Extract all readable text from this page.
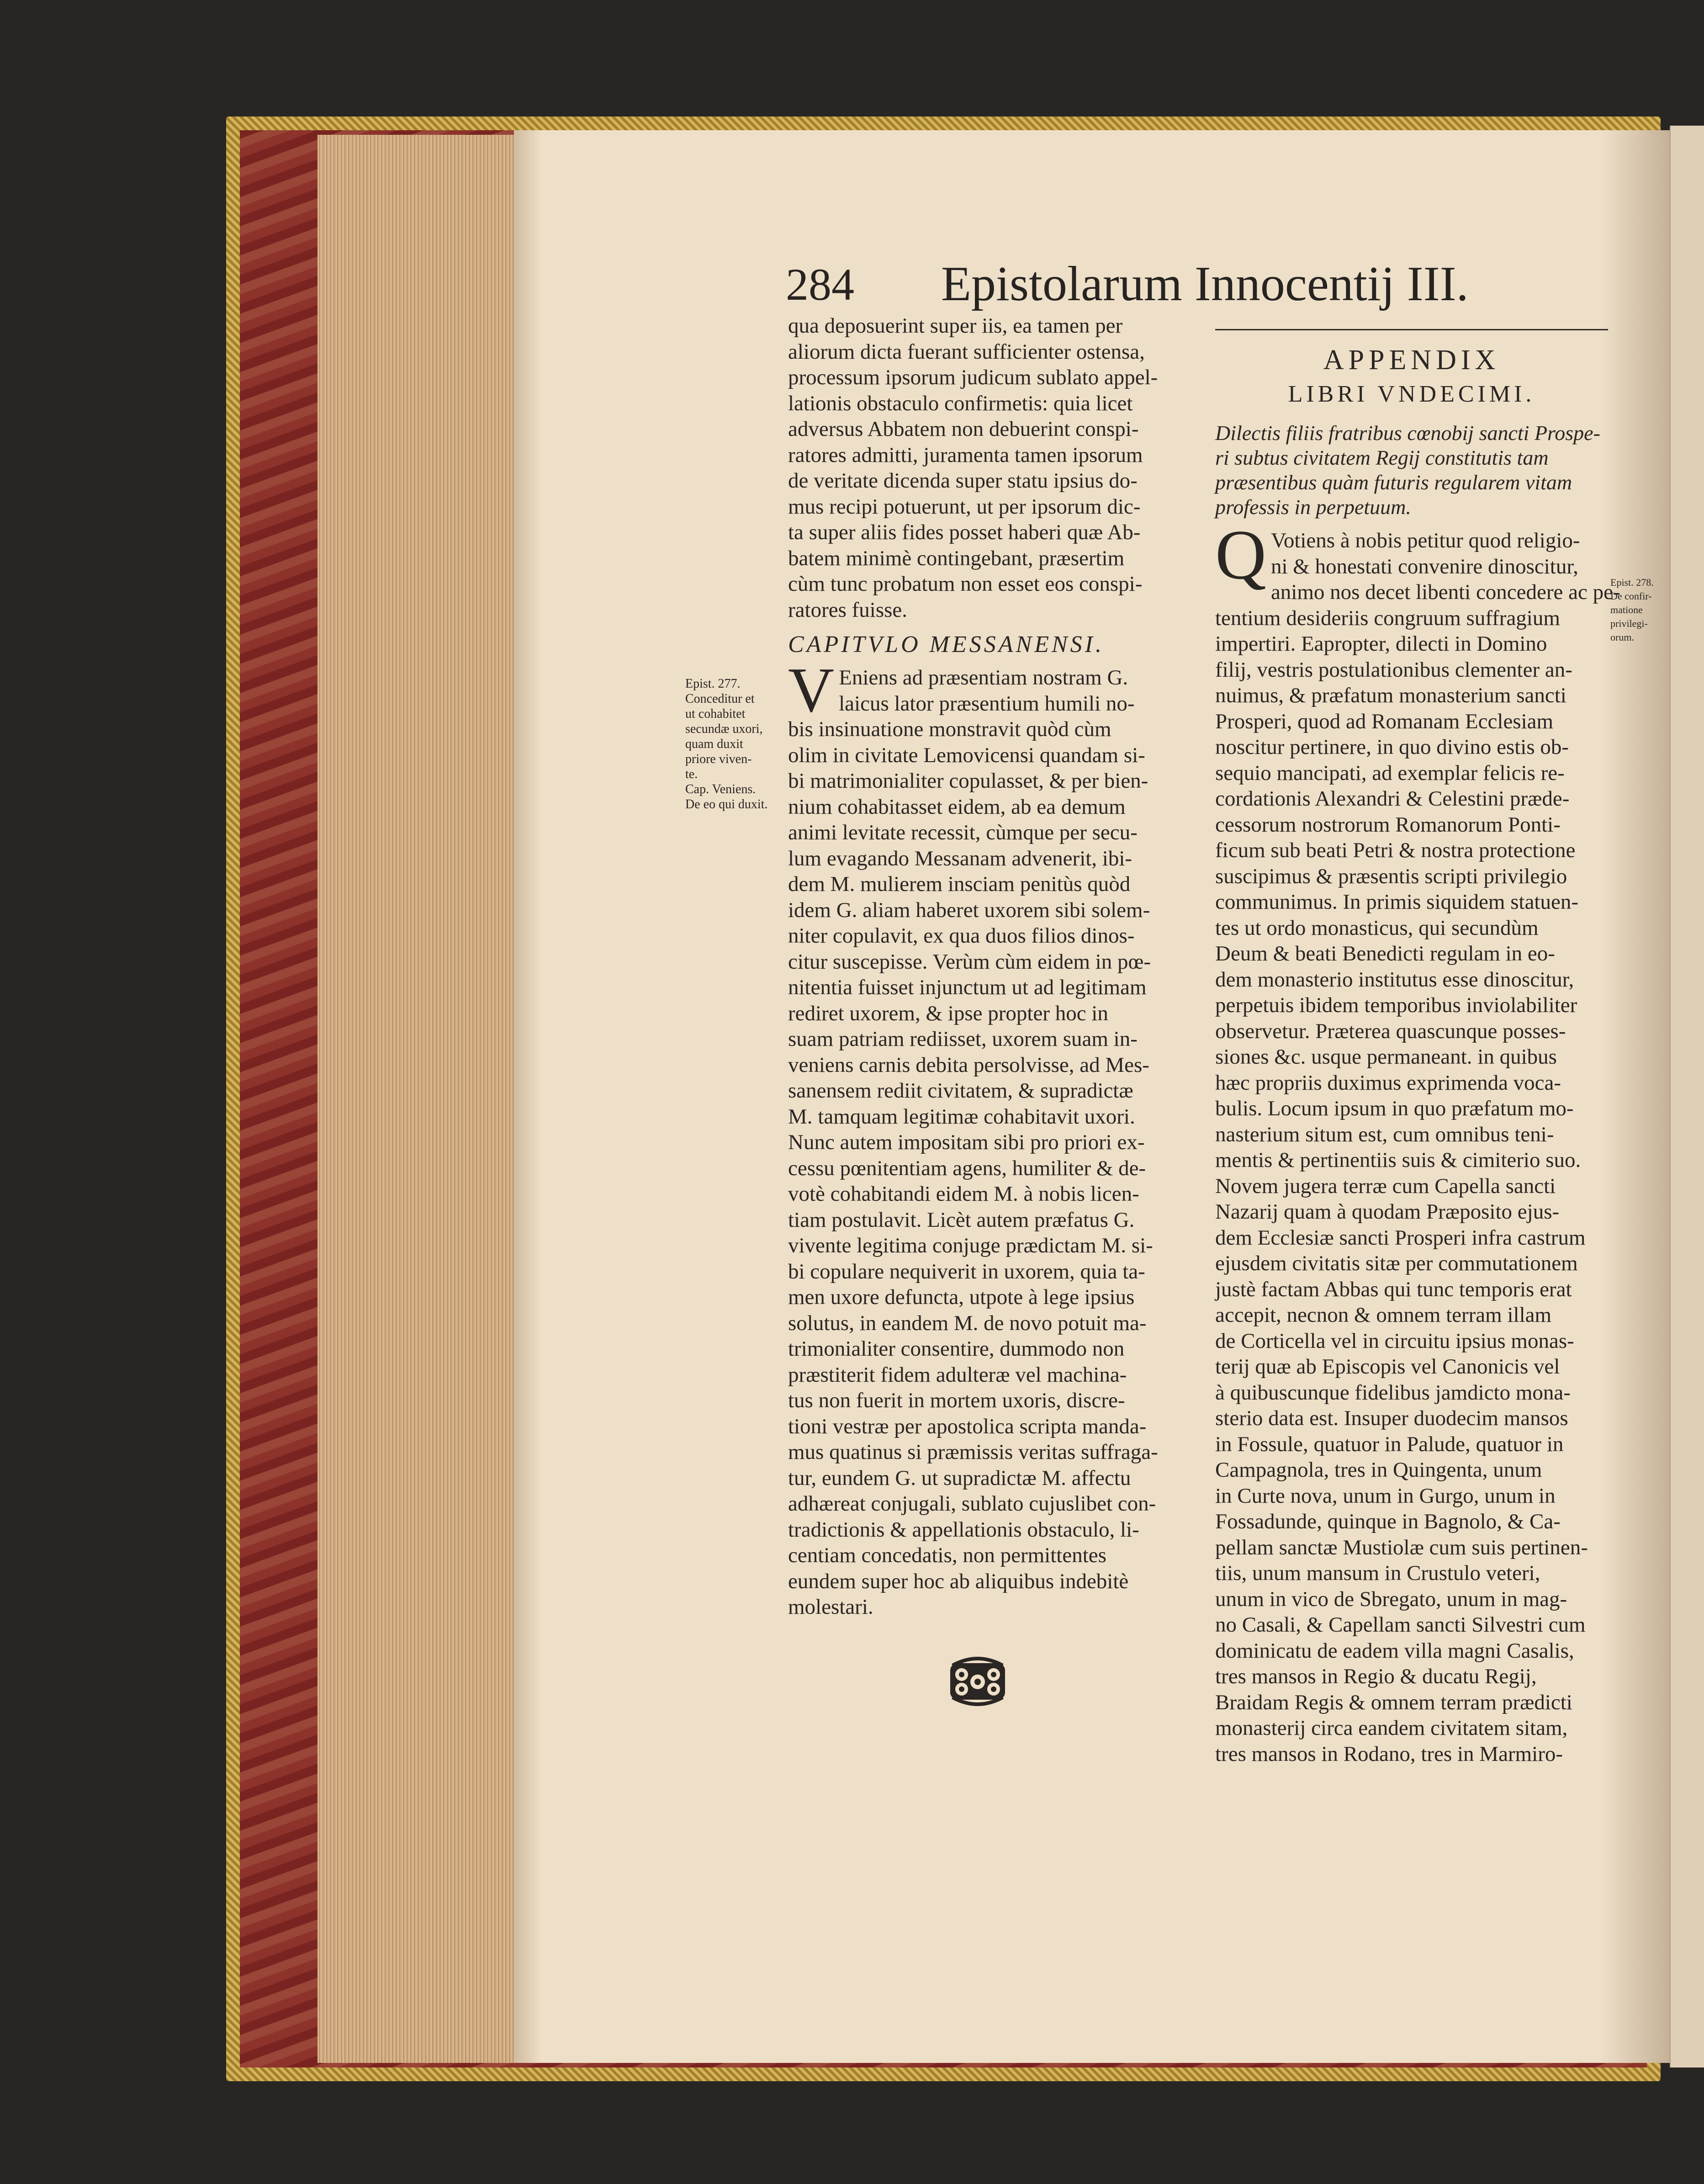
284 Epistolarum Innocentij III.
qua deposuerint super iis, ea tamen per
aliorum dicta fuerant sufficienter ostensa,
processum ipsorum judicum sublato appel-
lationis obstaculo confirmetis: quia licet
adversus Abbatem non debuerint conspi-
ratores admitti, juramenta tamen ipsorum
de veritate dicenda super statu ipsius do-
mus recipi potuerunt, ut per ipsorum dic-
ta super aliis fides posset haberi quæ Ab-
batem minimè contingebant, præsertim
cùm tunc probatum non esset eos conspi-
ratores fuisse.
CAPITVLO MESSANENSI.
V Eniens ad præsentiam nostram G.
laicus lator præsentium humili no-
bis insinuatione monstravit quòd cùm
olim in civitate Lemovicensi quandam si-
bi matrimonialiter copulasset, & per bien-
nium cohabitasset eidem, ab ea demum
animi levitate recessit, cùmque per secu-
lum evagando Messanam advenerit, ibi-
dem M. mulierem insciam penitùs quòd
idem G. aliam haberet uxorem sibi solem-
niter copulavit, ex qua duos filios dinos-
citur suscepisse. Verùm cùm eidem in pœ-
nitentia fuisset injunctum ut ad legitimam
rediret uxorem, & ipse propter hoc in
suam patriam rediisset, uxorem suam in-
veniens carnis debita persolvisse, ad Mes-
sanensem rediit civitatem, & supradictæ
M. tamquam legitimæ cohabitavit uxori.
Nunc autem impositam sibi pro priori ex-
cessu pœnitentiam agens, humiliter & de-
votè cohabitandi eidem M. à nobis licen-
tiam postulavit. Licèt autem præfatus G.
vivente legitima conjuge prædictam M. si-
bi copulare nequiverit in uxorem, quia ta-
men uxore defuncta, utpote à lege ipsius
solutus, in eandem M. de novo potuit ma-
trimonialiter consentire, dummodo non
præstiterit fidem adulteræ vel machina-
tus non fuerit in mortem uxoris, discre-
tioni vestræ per apostolica scripta manda-
mus quatinus si præmissis veritas suffraga-
tur, eundem G. ut supradictæ M. affectu
adhæreat conjugali, sublato cujuslibet con-
tradictionis & appellationis obstaculo, li-
centiam concedatis, non permittentes
eundem super hoc ab aliquibus indebitè
molestari.
Epist. 277.
Conceditur et
ut cohabitet
secundæ uxori,
quam duxit
priore viven-
te.
Cap. Veniens.
De eo qui duxit.
APPENDIX
LIBRI VNDECIMI.
Dilectis filiis fratribus cœnobij sancti Prospe-
ri subtus civitatem Regij constitutis tam
præsentibus quàm futuris regularem vitam
professis in perpetuum.
Q Votiens à nobis petitur quod religio-
ni & honestati convenire dinoscitur,
animo nos decet libenti concedere ac pe-
tentium desideriis congruum suffragium
impertiri. Eapropter, dilecti in Domino
filij, vestris postulationibus clementer an-
nuimus, & præfatum monasterium sancti
Prosperi, quod ad Romanam Ecclesiam
noscitur pertinere, in quo divino estis ob-
sequio mancipati, ad exemplar felicis re-
cordationis Alexandri & Celestini præde-
cessorum nostrorum Romanorum Ponti-
ficum sub beati Petri & nostra protectione
suscipimus & præsentis scripti privilegio
communimus. In primis siquidem statuen-
tes ut ordo monasticus, qui secundùm
Deum & beati Benedicti regulam in eo-
dem monasterio institutus esse dinoscitur,
perpetuis ibidem temporibus inviolabiliter
observetur. Præterea quascunque posses-
siones &c. usque permaneant. in quibus
hæc propriis duximus exprimenda voca-
bulis. Locum ipsum in quo præfatum mo-
nasterium situm est, cum omnibus teni-
mentis & pertinentiis suis & cimiterio suo.
Novem jugera terræ cum Capella sancti
Nazarij quam à quodam Præposito ejus-
dem Ecclesiæ sancti Prosperi infra castrum
ejusdem civitatis sitæ per commutationem
justè factam Abbas qui tunc temporis erat
accepit, necnon & omnem terram illam
de Corticella vel in circuitu ipsius monas-
terij quæ ab Episcopis vel Canonicis vel
à quibuscunque fidelibus jamdicto mona-
sterio data est. Insuper duodecim mansos
in Fossule, quatuor in Palude, quatuor in
Campagnola, tres in Quingenta, unum
in Curte nova, unum in Gurgo, unum in
Fossadunde, quinque in Bagnolo, & Ca-
pellam sanctæ Mustiolæ cum suis pertinen-
tiis, unum mansum in Crustulo veteri,
unum in vico de Sbregato, unum in mag-
no Casali, & Capellam sancti Silvestri cum
dominicatu de eadem villa magni Casalis,
tres mansos in Regio & ducatu Regij,
Braidam Regis & omnem terram prædicti
monasterij circa eandem civitatem sitam,
tres mansos in Rodano, tres in Marmiro-
Epist. 278.
De confir-
matione
privilegi-
orum.
